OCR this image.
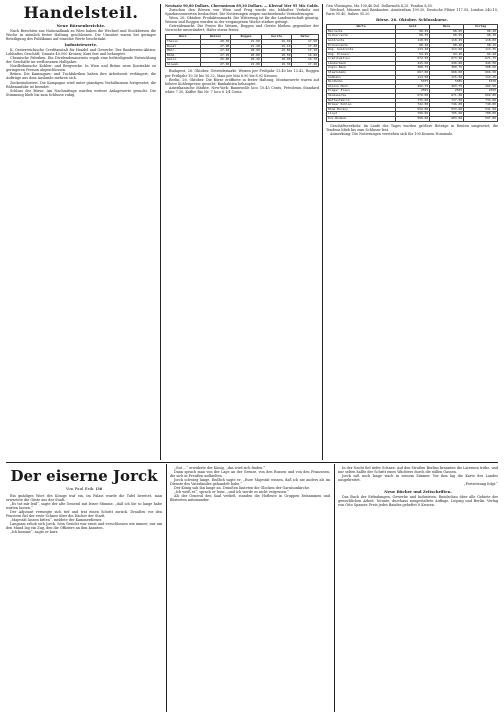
Handelsteil.
Neue Börsenberichte.

Nach Berichten aus Nationalbank zu Wien haben die Wechsel und Stockbörsen die Woche in ziemlich fester Haltung geschlossen. Die Umsätze waren bei geringer Beteiligung des Publikums auf einzelne Werte beschränkt.

Industriewerte.

K. Oesterreichische Creditanstalt für Handel und Gewerbe. Der Bankverein-Aktien: Lebhaftes Geschäft; Umsatz 40.000 Kronen; Kurs fest und behauptet.

Chemische Fabriken. Ein Dividendenausweis ergab eine befriedigende Entwicklung der Geschäfte im verflossenen Halbjahre.

Nordböhmische Kohlen- und Bergwerke. In Wien und Brünn neue Kontrakte zu geringeren Preisen abgeschlossen.

Brünn. Die Kammgarn- und Tuchfabriken haben ihre Arbeitszeit verlängert; die Aufträge aus dem Auslande mehren sich.

Zuckerindustrie. Die Kampagne wird unter günstigen Verhältnissen fortgesetzt; die Rübenanfuhr ist beendet.

Schluss der Börse: Am Nachmittage wurden weitere Anlagewerte gesucht. Die Stimmung blieb bis zum Schlusse ruhig.

Neutsatz 90,80 Dollars. Cheemstrom 89,30 Dollars. — Kleeraf Mer 95 Mic Golds.

Zwischen den Börsen von Wien und Prag wurde ein lebhafter Verkehr mit Sparkassenwerten beobachtet. Die Notierungen zeigen nachstehende Veränderungen:

Wien, 26. Oktober. Produktenmarkt. Die Witterung ist für die Landwirtschaft günstig. Weizen und Roggen wurden in der vergangenen Woche stärker gefragt.

Getreidemarkt. Die Preise für Weizen, Roggen und Gerste bleiben gegenüber der Vorwoche unverändert; Hafer etwas fester.

Ware	Weizen	Roggen	Gerste	Hafer
Theiss	28.30	21.60	19.40	17.50
Banat	27.90	21.20	19.10	17.30
Mähr.	27.40	20.90	19.80	17.10
Böhm.	27.20	20.80	19.50	16.90
Galiz.	26.80	20.40	18.90	16.70
Slowak.	27.60	21.00	19.30	17.20

Budapest, 26. Oktober. Getreidemarkt. Weizen per Frühjahr 13.40 bis 13.42, Roggen per Frühjahr 10.30 bis 10.32, Mais per Mai 8.90 bis 8.92 Kronen.

Berlin, 26. Oktober. Die Börse eröffnete in fester Haltung. Montanwerte waren auf höhere Kohlenpreise gesucht; Bankaktien behauptet.

Amerikanische Märkte. New-York: Baumwolle loco 10.45 Cents, Petroleum Standard white 7.30, Kaffee Rio Nr. 7 loco 6 1/4 Cents.

Gen Vlissingen, Ma 100,46 Dol. Dollarnoth 4,25. Fondon 8,55.

Wechsel, Münzen und Banknoten. Amsterdam 199.30, Deutsche Plätze 117.55, London 240.10, Paris 95.40, Italien 95.20.

Börse. 26. Oktober. Schlusskurse.
Werte	Geld	Ware	Vortag
Mairente	98.45	98.65	98.40
Silberrente	98.35	98.55	98.30
Goldrente	118.05	118.25	118.00
Kronenrente	98.20	98.40	98.15
Ung. Goldrente	113.40	113.60	113.35
Ung. Kronenr.	94.25	94.45	94.20
Creditaktien	672.50	673.50	671.75
Länderbank	445.00	446.00	444.50
Anglo-Bank	308.75	309.75	308.50
Staatsbahn	667.00	668.00	666.50
Südbahn	114.50	115.50	114.25
Nordbahn	5375	5385	5370
Alpine Mont.	492.75	493.75	492.50
Prager Eisen	2555	2565	2550
Skodawerke	670.00	671.00	669.00
Waffenfabrik	735.00	737.00	734.00
Brüxer Kohlen	742.00	746.00	740.00
Rima-Murány	532.00	533.00	531.50
Lloyd	790.00	795.00	788.00
Dux-Bodenb.	598.00	603.00	597.00

Geschäftsverkehr. Im Laufe des Tages wurden größere Beträge in Renten umgesetzt; die Tendenz blieb bis zum Schlusse fest.

Anmerkung: Die Notierungen verstehen sich für 100 Kronen Nominale.

Der eiserne Jorck
Von Paul Erik. (36

Ein gnädiges Wort des Königs traf ein, im Palast wurde die Tafel bereitet, man erwartete die Gäste aus der Stadt.

„Es tut mir leid“, sagte der alte General mit leiser Stimme, „daß ich Sie so lange habe warten lassen.“

Der Adjutant verneigte sich tief und trat einen Schritt zurück. Draußen vor den Fenstern fiel der erste Schnee über die Dächer der Stadt.

„Majestät lassen bitten“, meldete der Kammerdiener.

Langsam erhob sich Jorck. Sein Gesicht war ernst und verschlossen wie immer; nur um den Mund lag ein Zug, den die Offiziere an ihm kannten.

„Ich komme“, sagte er kurz.

„Gut ...“ erwiderte der König, „das wird sich finden.“

Dann sprach man von der Lage an der Grenze, von den Russen und von den Franzosen, die sich in Preußen aufhielten.

Jorck schwieg lange. Endlich sagte er: „Eure Majestät wissen, daß ich nie anders als im Dienste des Vaterlandes gehandelt habe.“

Der König sah ihn lange an. Draußen läuteten die Glocken der Garnisonkirche.

„Ich weiß es“, sprach er leise, „und ich werde es nicht vergessen.“

Als der General den Saal verließ, standen die Hofleute in Gruppen beisammen und flüsterten miteinander.

In der Nacht fiel tiefer Schnee. Auf den Straßen Berlins brannten die Laternen trübe, und nur selten hallte der Schritt eines Wächters durch die stillen Gassen.

Jorck saß noch lange wach in seinem Zimmer. Vor ihm lag die Karte des Landes ausgebreitet.

„Fortsetzung folgt.“

Neue Bücher und Zeitschriften.

Das Buch der Erfindungen, Gewerbe und Industrien. Rundschau über alle Gebiete der gewerblichen Arbeit. Neunte, durchaus neugestaltete Auflage. Leipzig und Berlin. Verlag von Otto Spamer. Preis jedes Bandes geheftet 8 Kronen.
